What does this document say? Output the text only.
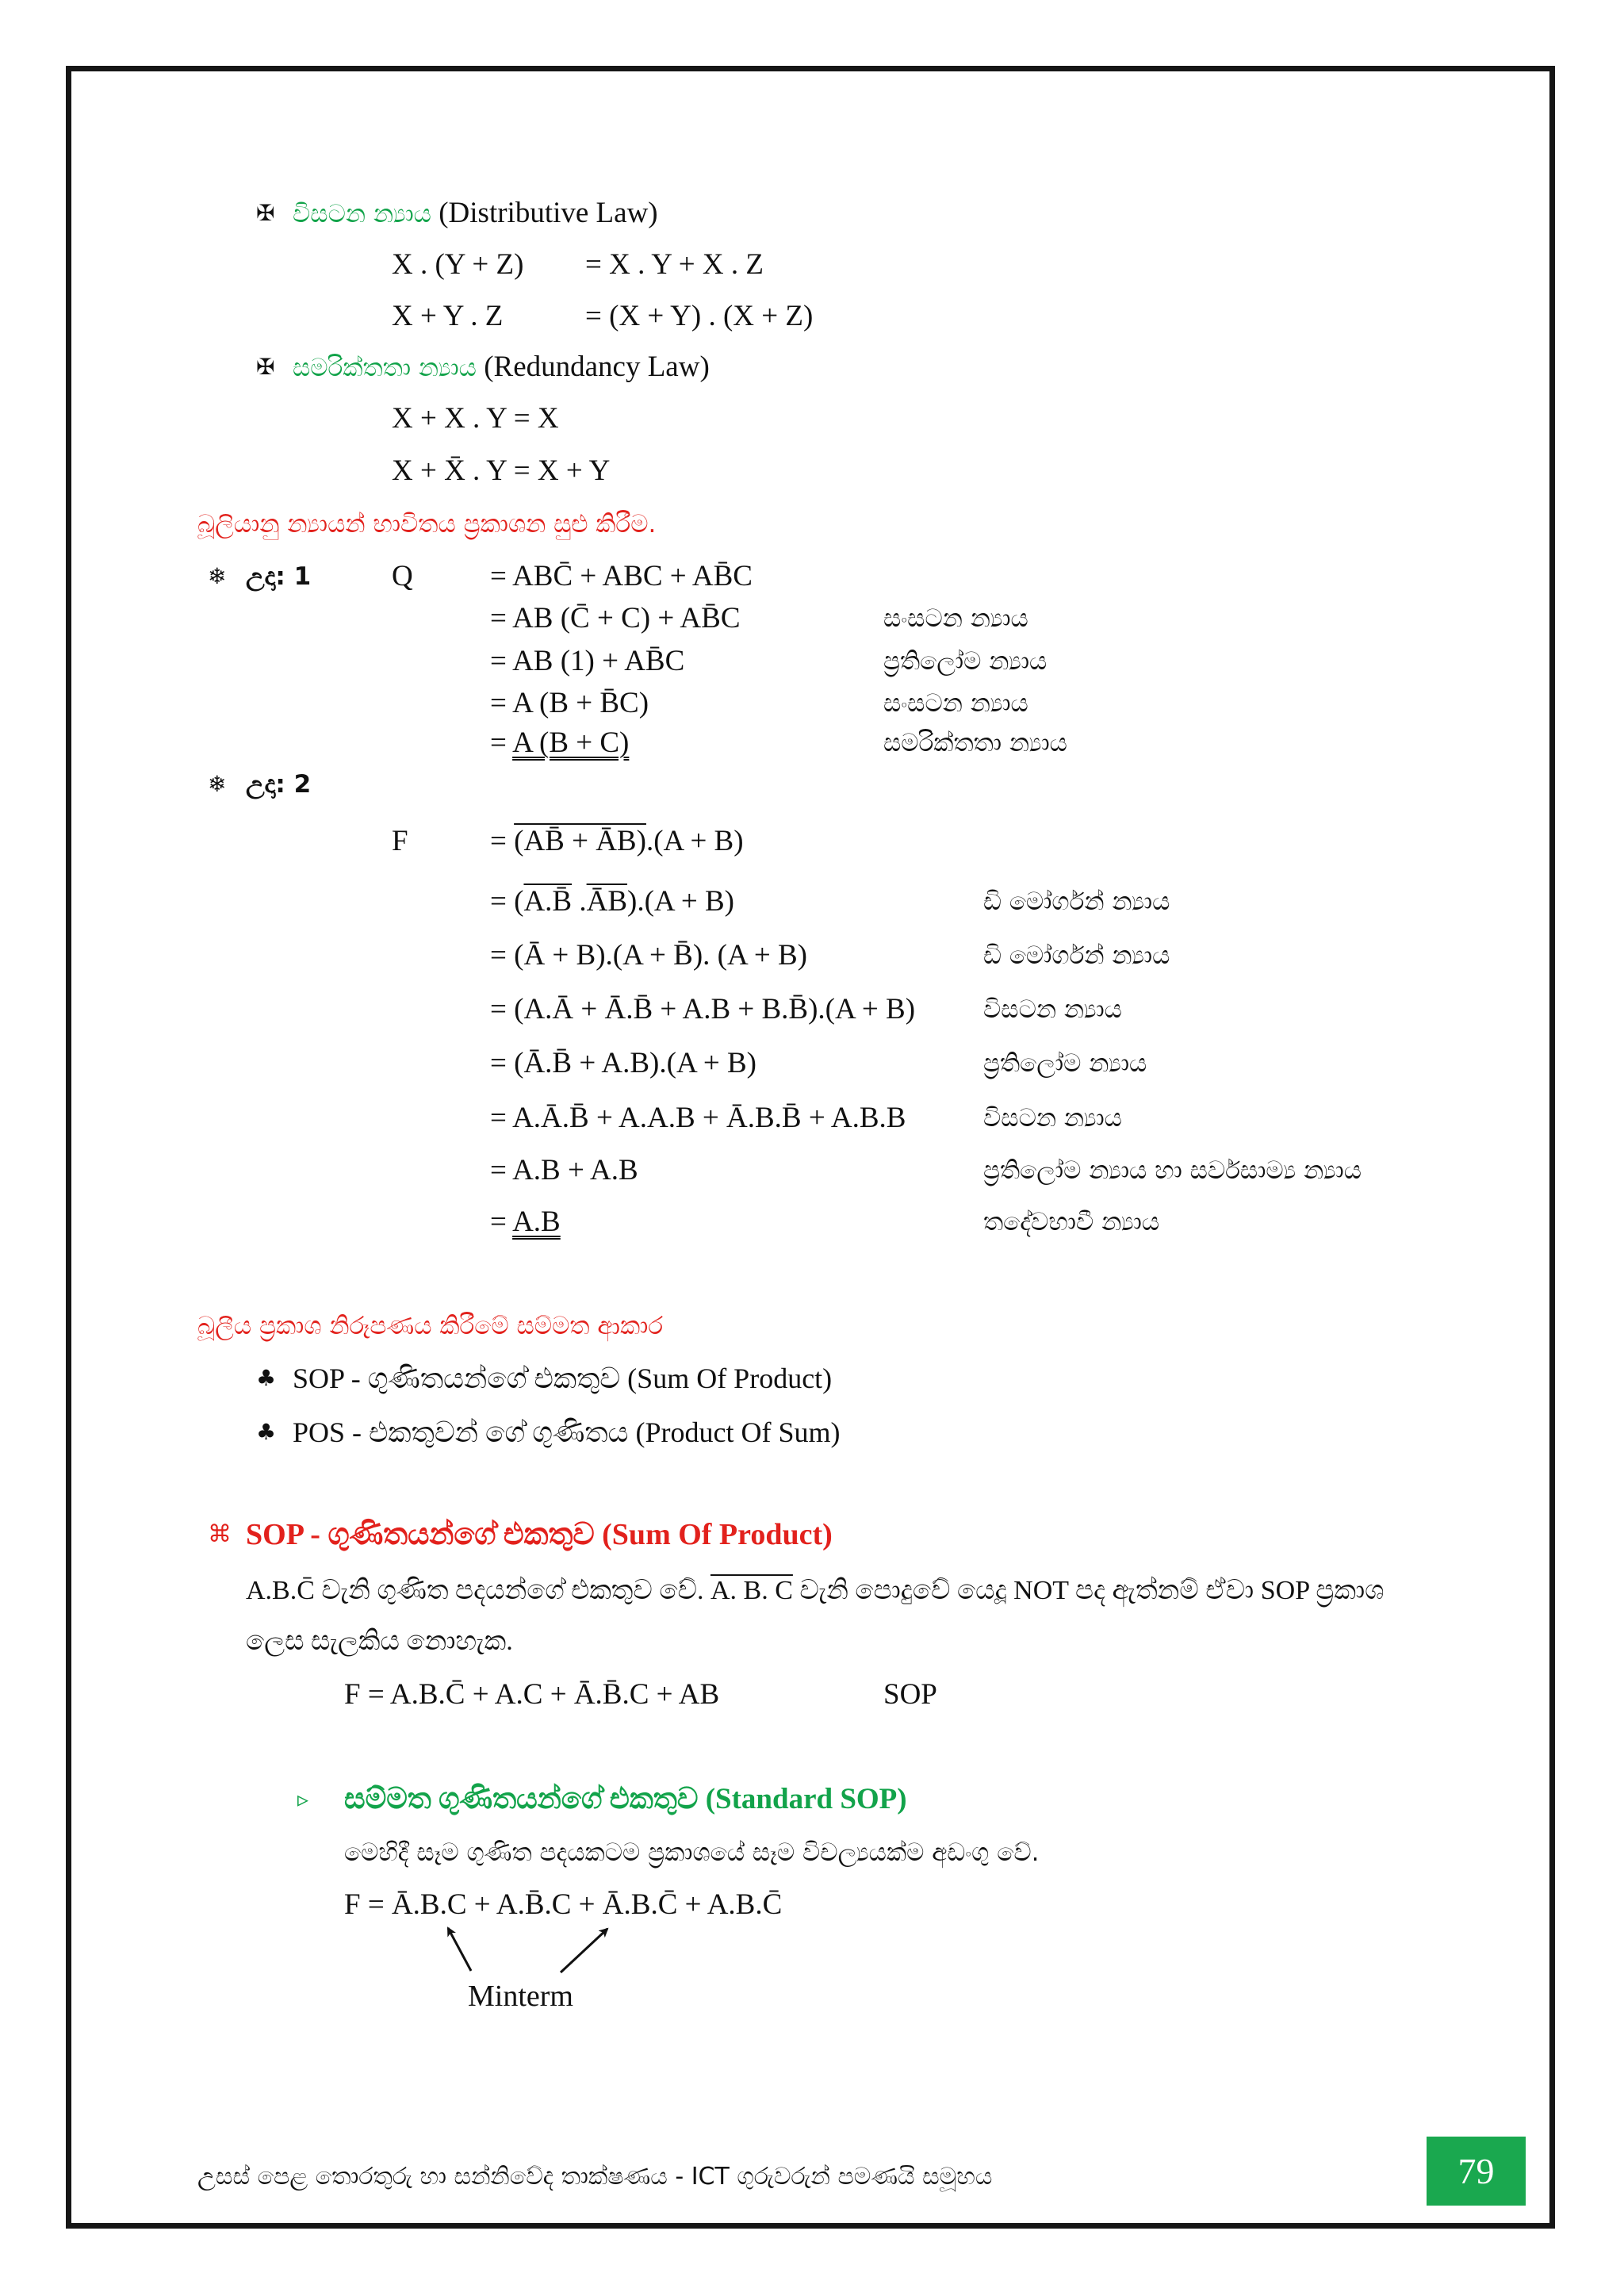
✠ විසටන න්‍යාය (Distributive Law)
X . (Y + Z) = X . Y + X . Z
X + Y . Z	= (X + Y) . (X + Z)
✠ සමරික්තතා න්‍යාය (Redundancy Law)
X + X . Y = X
X + X̄ . Y = X + Y
බූලියානු න්‍යායන් භාවිතය ප්‍රකාශන සුළු කිරීම.
❄ උදා: 1	Q	= ABC̄ + ABC + AB̄C
= AB (C̄ + C) + AB̄C	සංසටන න්‍යාය
= AB (1) + AB̄C	ප්‍රතිලෝම න්‍යාය
= A (B + B̄C)	සංසටන න්‍යාය
= A (B + C)	සමරික්තතා න්‍යාය
❄ උදා: 2
F	= (AB̄ + ĀB).(A + B)
= (A.B̄ .ĀB).(A + B)	ඩි මෝර්ගන් න්‍යාය
= (Ā + B).(A + B̄). (A + B)	ඩි මෝර්ගන් න්‍යාය
= (A.Ā + Ā.B̄ + A.B + B.B̄).(A + B)	විසටන න්‍යාය
= (Ā.B̄ + A.B).(A + B)	ප්‍රතිලෝම න්‍යාය
= A.Ā.B̄ + A.A.B + Ā.B.B̄ + A.B.B	විසටන න්‍යාය
= A.B + A.B	ප්‍රතිලෝම න්‍යාය හා සර්වසාම්‍ය න්‍යාය
= A.B	තදේවභාවී න්‍යාය
බූලීය ප්‍රකාශ නිරූපණය කිරීමේ සම්මත ආකාර
♣ SOP - ගුණිතයන්ගේ එකතුව (Sum Of Product)
♣ POS - එකතුවන් ගේ ගුණිතය (Product Of Sum)
⌘ SOP - ගුණිතයන්ගේ එකතුව (Sum Of Product)
A.B.C̄ වැනි ගුණිත පදයන්ගේ එකතුව වේ. A. B. C වැනි පොදුවේ යෙදූ NOT පද ඇත්නම් ඒවා SOP ප්‍රකාශ
ලෙස සැලකිය නොහැක.
F = A.B.C̄ + A.C + Ā.B̄.C + AB	SOP
▹ සම්මත ගුණිතයන්ගේ එකතුව (Standard SOP)
මෙහිදී සෑම ගුණිත පදයකටම ප්‍රකාශයේ සෑම විචල්‍යයක්ම අඩංගු වේ.
F = Ā.B.C + A.B̄.C + Ā.B.C̄ + A.B.C̄
Minterm
උසස් පෙළ තොරතුරු හා සන්නිවේද තාක්ෂණය - ICT ගුරුවරුන් පමණයි සමූහය	79
